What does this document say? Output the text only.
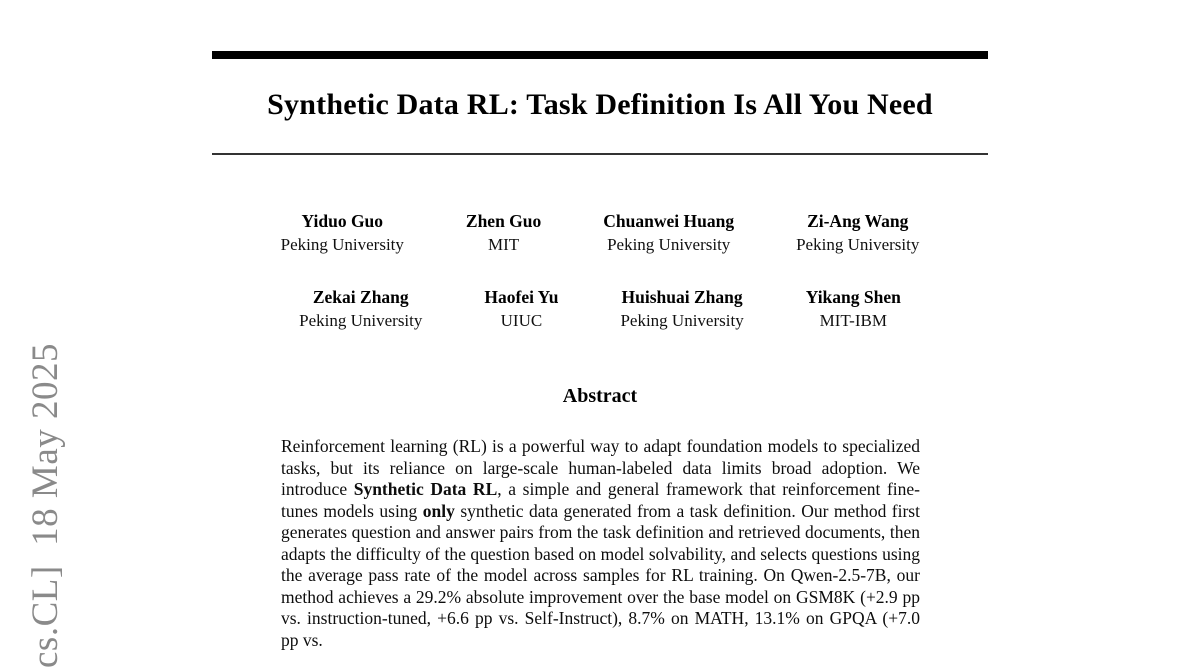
cs.CL]  18 May 2025
Synthetic Data RL: Task Definition Is All You Need
Yiduo Guo
Peking University
Zhen Guo
MIT
Chuanwei Huang
Peking University
Zi-Ang Wang
Peking University
Zekai Zhang
Peking University
Haofei Yu
UIUC
Huishuai Zhang
Peking University
Yikang Shen
MIT-IBM
Abstract
Reinforcement learning (RL) is a powerful way to adapt foundation models to specialized tasks, but its reliance on large-scale human-labeled data limits broad adoption. We introduce Synthetic Data RL, a simple and general framework that reinforcement fine-tunes models using only synthetic data generated from a task definition. Our method first generates question and answer pairs from the task definition and retrieved documents, then adapts the difficulty of the question based on model solvability, and selects questions using the average pass rate of the model across samples for RL training. On Qwen-2.5-7B, our method achieves a 29.2% absolute improvement over the base model on GSM8K (+2.9 pp vs. instruction-tuned, +6.6 pp vs. Self-Instruct), 8.7% on MATH, 13.1% on GPQA (+7.0 pp vs.
